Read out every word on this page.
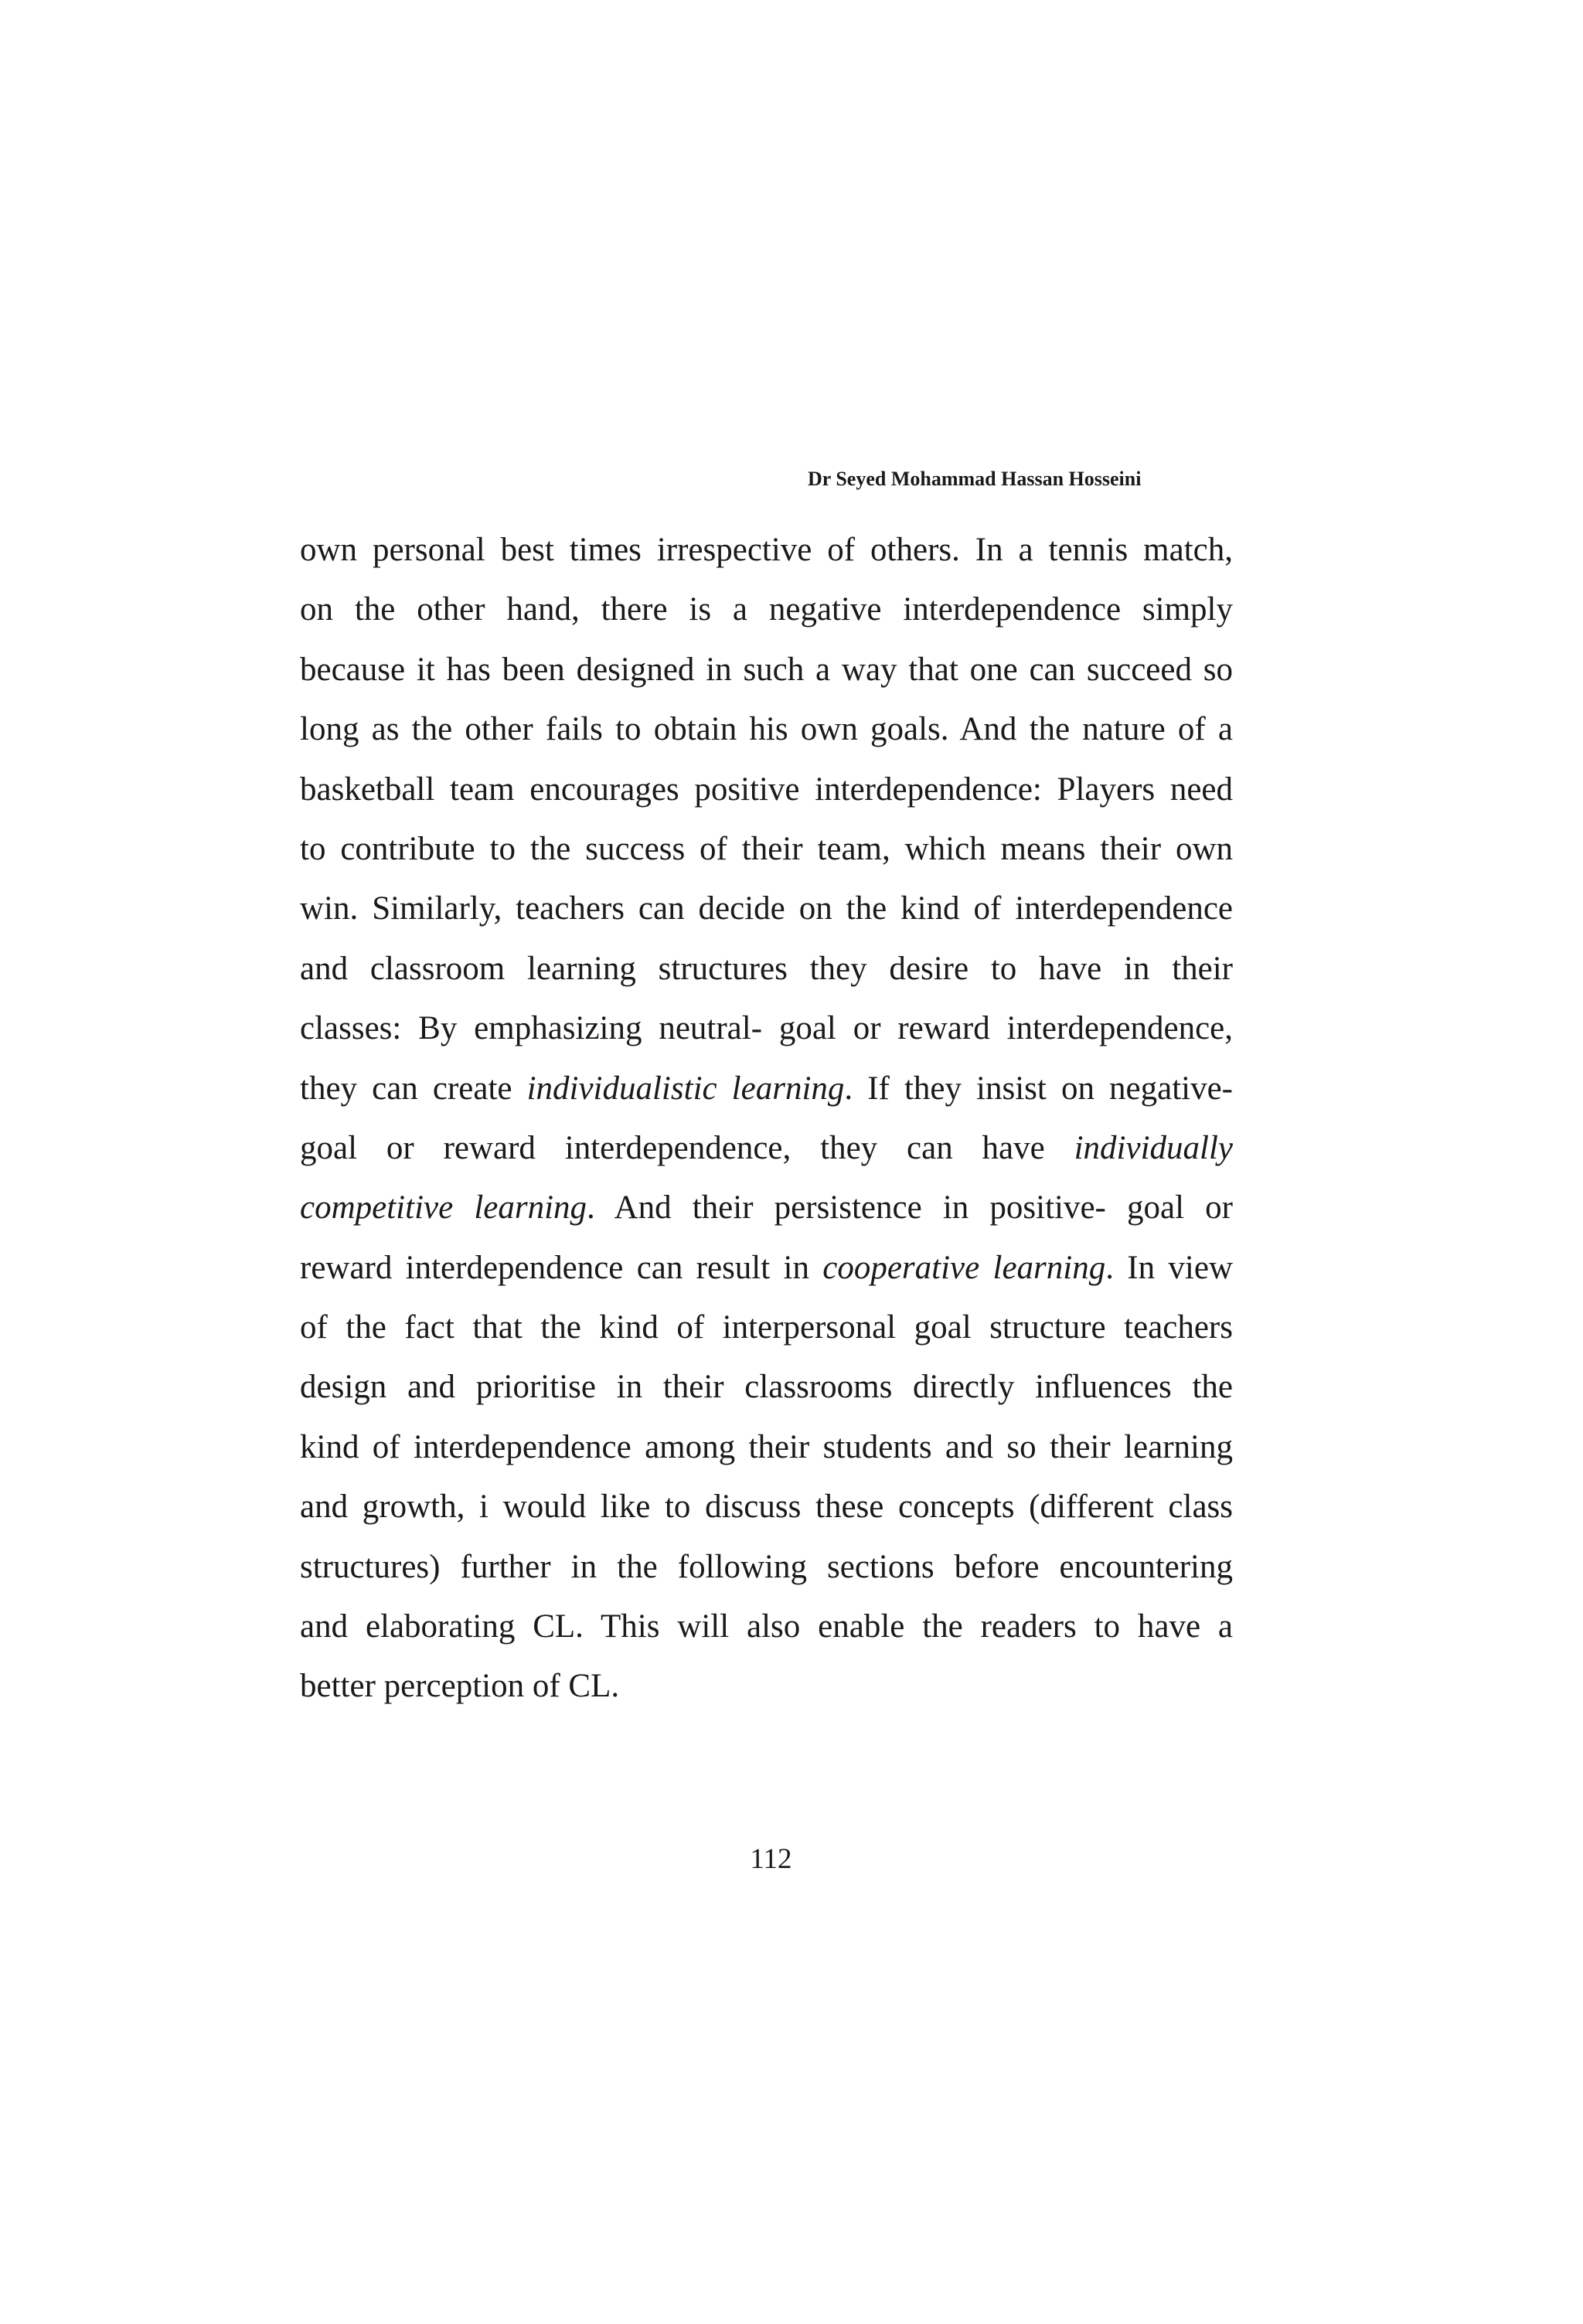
Dr Seyed Mohammad Hassan Hosseini
own personal best times irrespective of others. In a tennis match,
on the other hand, there is a negative interdependence simply
because it has been designed in such a way that one can succeed so
long as the other fails to obtain his own goals. And the nature of a
basketball team encourages positive interdependence: Players need
to contribute to the success of their team, which means their own
win. Similarly, teachers can decide on the kind of interdependence
and classroom learning structures they desire to have in their
classes: By emphasizing neutral- goal or reward interdependence,
they can create individualistic learning. If they insist on negative-
goal or reward interdependence, they can have individually
competitive learning. And their persistence in positive- goal or
reward interdependence can result in cooperative learning. In view
of the fact that the kind of interpersonal goal structure teachers
design and prioritise in their classrooms directly influences the
kind of interdependence among their students and so their learning
and growth, i would like to discuss these concepts (different class
structures) further in the following sections before encountering
and elaborating CL. This will also enable the readers to have a
better perception of CL.
112
